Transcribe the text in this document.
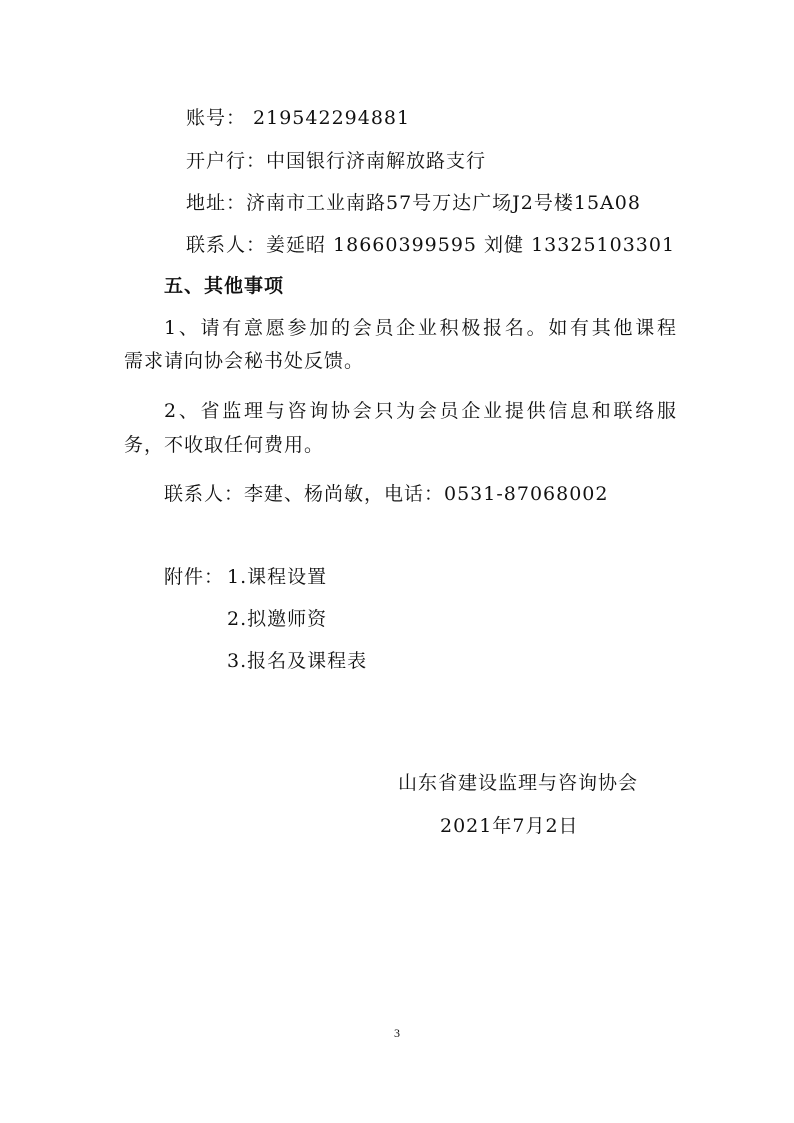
账号： 219542294881
开户行：中国银行济南解放路支行
地址：济南市工业南路57号万达广场J2号楼15A08
联系人：姜延昭 18660399595 刘健 13325103301
五、其他事项
1、请有意愿参加的会员企业积极报名。如有其他课程
需求请向协会秘书处反馈。
2、省监理与咨询协会只为会员企业提供信息和联络服
务，不收取任何费用。
联系人：李建、杨尚敏，电话：0531-87068002
附件： 1.课程设置
2.拟邀师资
3.报名及课程表
山东省建设监理与咨询协会
2021年7月2日
3
